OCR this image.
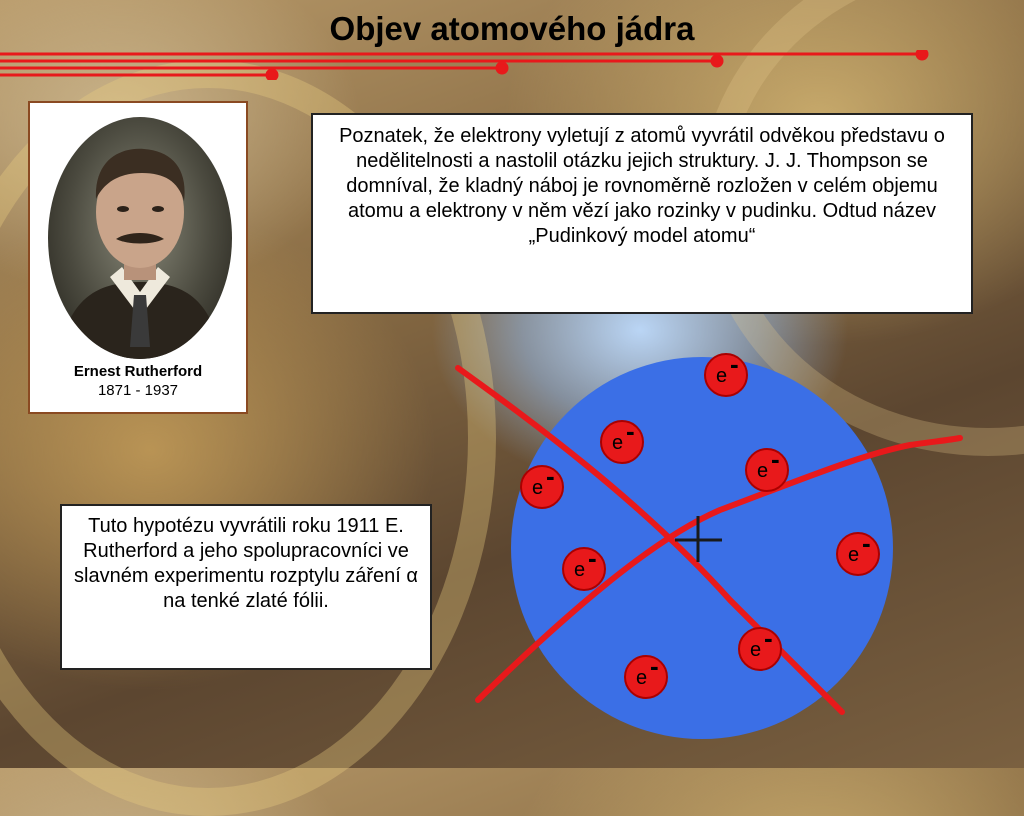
Objev atomového jádra
Ernest Rutherford
1871 - 1937
Poznatek, že elektrony vyletují z atomů vyvrátil odvěkou představu o nedělitelnosti a nastolil otázku jejich struktury. J. J. Thompson se domníval, že kladný náboj je rovnoměrně rozložen v celém objemu atomu a elektrony v něm vězí jako rozinky v pudinku. Odtud název „Pudinkový model atomu“
Tuto hypotézu vyvrátili roku 1911 E. Rutherford a jeho spolupracovníci ve slavném experimentu rozptylu záření α na tenké zlaté fólii.
e -
e -
e -
e -
e -
e -
e -
e -
